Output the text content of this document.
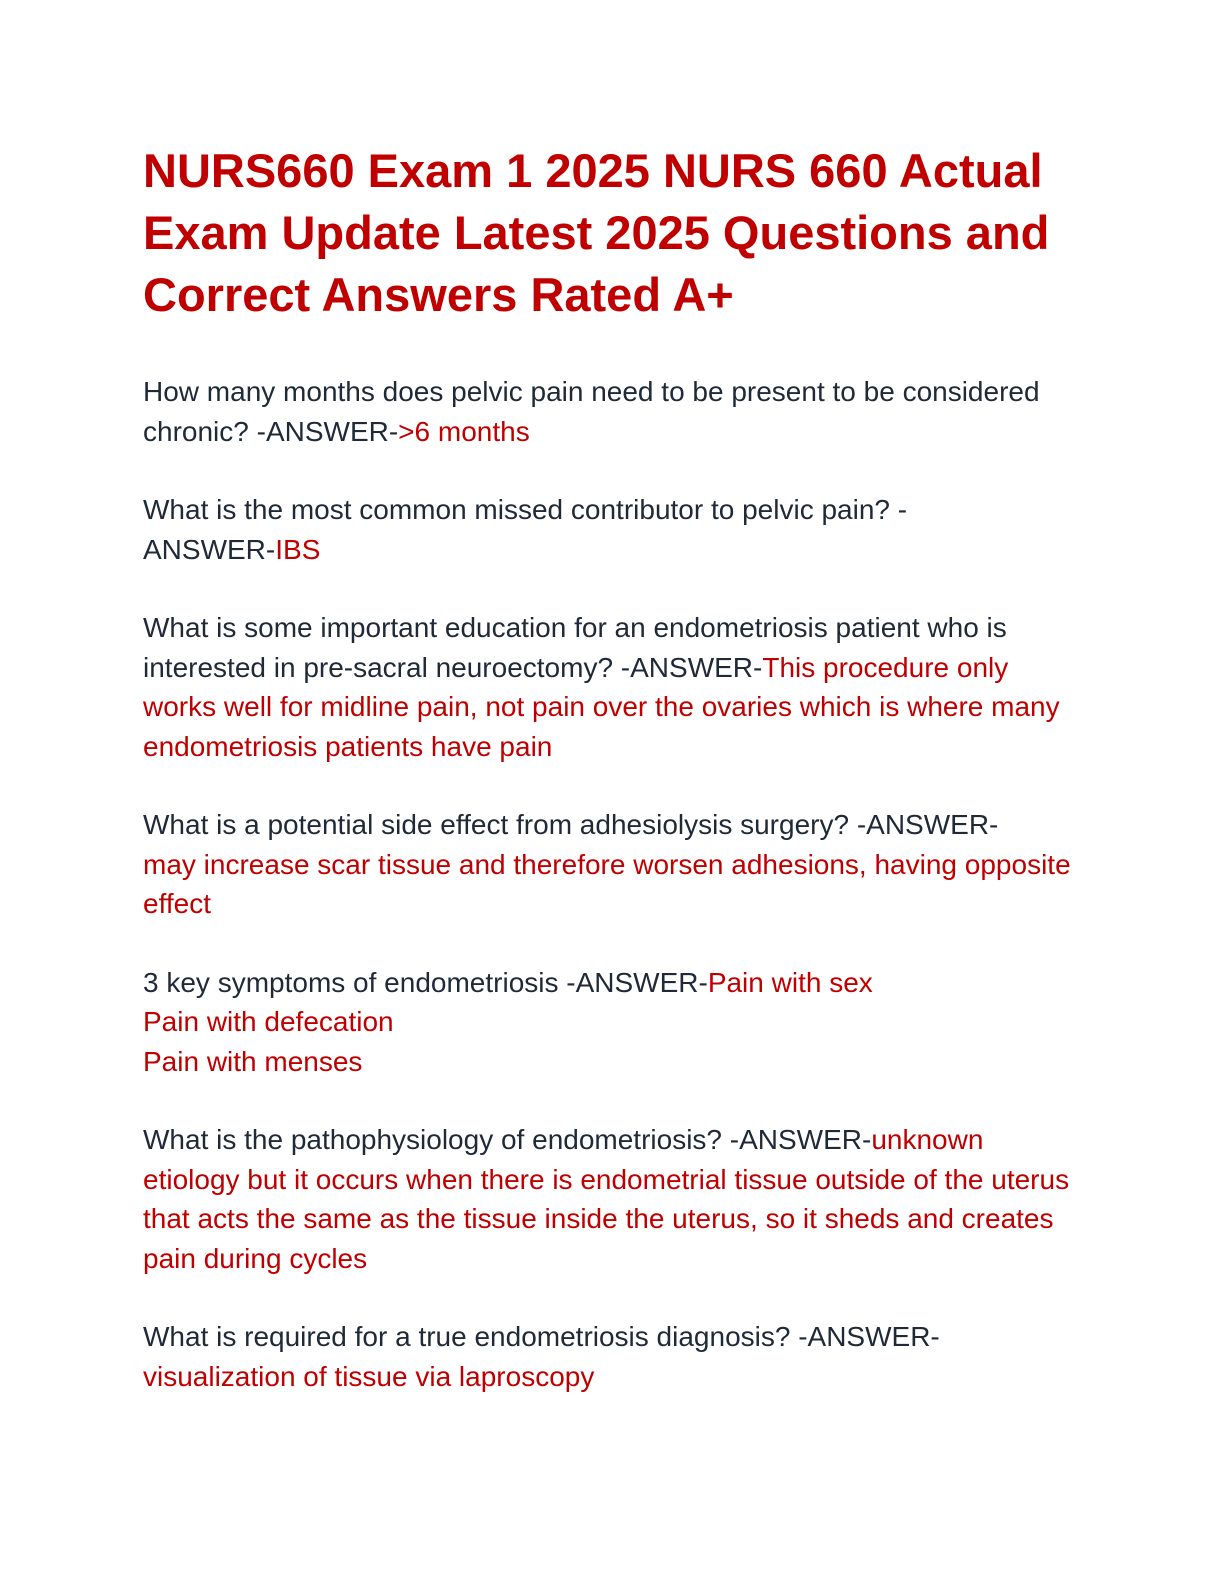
NURS660 Exam 1 2025 NURS 660 Actual Exam Update Latest 2025 Questions and Correct Answers Rated A+

How many months does pelvic pain need to be present to be considered chronic? -ANSWER->6 months

What is the most common missed contributor to pelvic pain? -
ANSWER-IBS

What is some important education for an endometriosis patient who is interested in pre-sacral neuroectomy? -ANSWER-This procedure only works well for midline pain, not pain over the ovaries which is where many endometriosis patients have pain

What is a potential side effect from adhesiolysis surgery? -ANSWER-
may increase scar tissue and therefore worsen adhesions, having opposite effect

3 key symptoms of endometriosis -ANSWER-Pain with sex
Pain with defecation
Pain with menses

What is the pathophysiology of endometriosis? -ANSWER-unknown etiology but it occurs when there is endometrial tissue outside of the uterus that acts the same as the tissue inside the uterus, so it sheds and creates pain during cycles

What is required for a true endometriosis diagnosis? -ANSWER-
visualization of tissue via laproscopy
